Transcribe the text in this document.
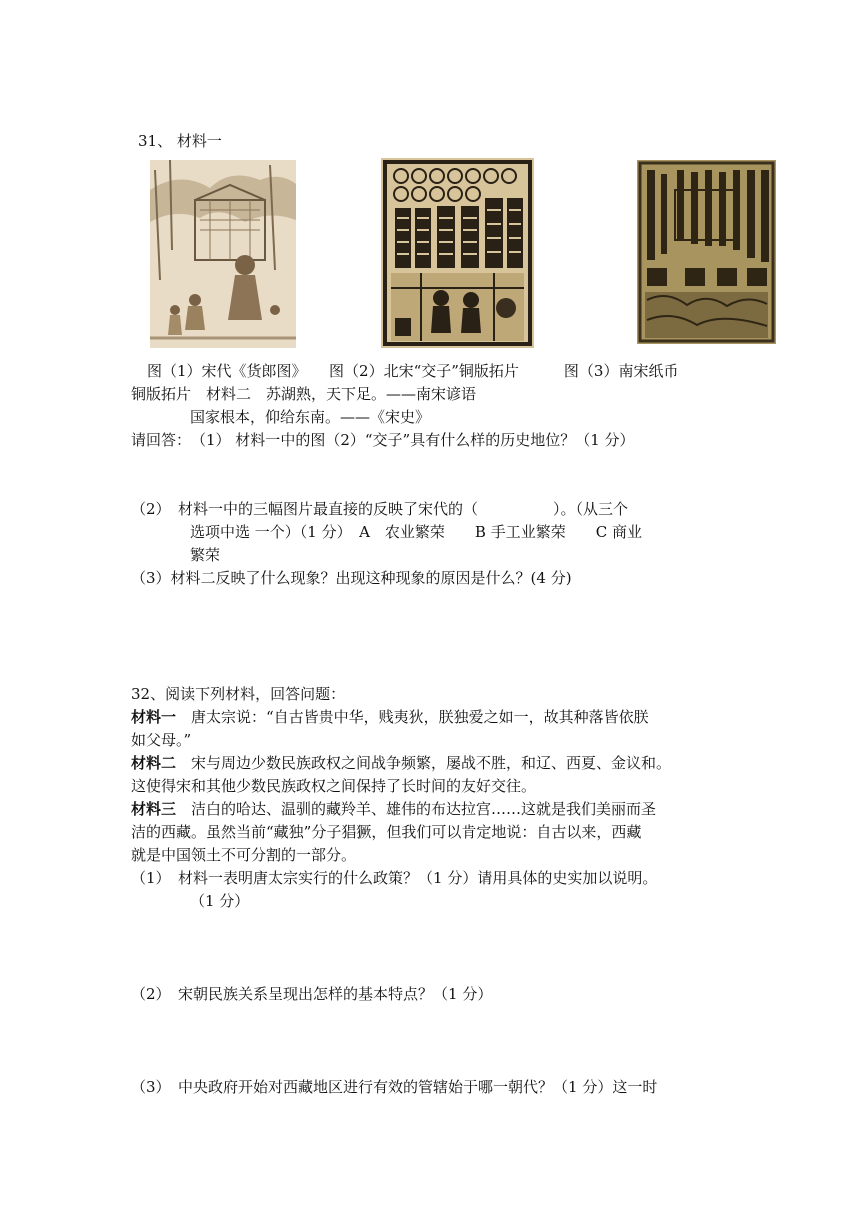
31、 材料一
图（1）宋代《货郎图》　　图（2）北宋“交子”铜版拓片　　　图（3）南宋纸币
铜版拓片　材料二　苏湖熟，天下足。——南宋谚语
国家根本，仰给东南。——《宋史》
请回答：　（1） 材料一中的图（2）“交子”具有什么样的历史地位？（1 分）
（2）　材料一中的三幅图片最直接的反映了宋代的（　　　　　）。（从三个
选项中选 一个）（1 分）　A　农业繁荣　　B 手工业繁荣　　C 商业
繁荣
（3）材料二反映了什么现象？出现这种现象的原因是什么？(4 分)
32、阅读下列材料，回答问题：
材料一　唐太宗说：“自古皆贵中华，贱夷狄，朕独爱之如一，故其种落皆依朕
如父母。”
材料二　宋与周边少数民族政权之间战争频繁，屡战不胜，和辽、西夏、金议和。
这使得宋和其他少数民族政权之间保持了长时间的友好交往。
材料三　洁白的哈达、温驯的藏羚羊、雄伟的布达拉宫……这就是我们美丽而圣
洁的西藏。虽然当前“藏独”分子猖獗，但我们可以肯定地说：自古以来，西藏
就是中国领土不可分割的一部分。
（1）　材料一表明唐太宗实行的什么政策？（1 分）请用具体的史实加以说明。
（1 分）
（2）　宋朝民族关系呈现出怎样的基本特点？（1 分）
（3）　中央政府开始对西藏地区进行有效的管辖始于哪一朝代？（1 分）这一时
